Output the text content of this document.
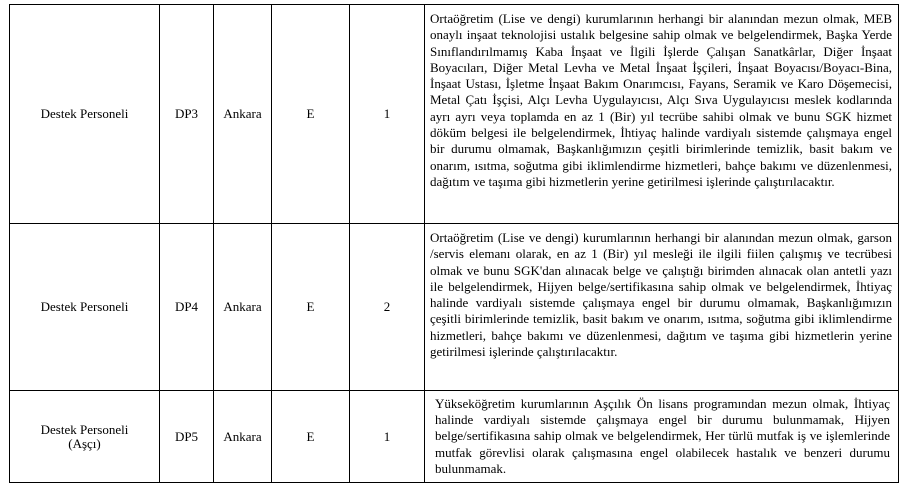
Destek Personeli	DP3	Ankara	E	1	Ortaöğretim (Lise ve dengi) kurumlarının herhangi bir alanından mezun olmak, MEB onaylı inşaat teknolojisi ustalık belgesine sahip olmak ve belgelendirmek, Başka Yerde Sınıflandırılmamış Kaba İnşaat ve İlgili İşlerde Çalışan Sanatkârlar, Diğer İnşaat Boyacıları, Diğer Metal Levha ve Metal İnşaat İşçileri, İnşaat Boyacısı/Boyacı-Bina, İnşaat Ustası, İşletme İnşaat Bakım Onarımcısı, Fayans, Seramik ve Karo Döşemecisi, Metal Çatı İşçisi, Alçı Levha Uygulayıcısı, Alçı Sıva Uygulayıcısı meslek kodlarında ayrı ayrı veya toplamda en az 1 (Bir) yıl tecrübe sahibi olmak ve bunu SGK hizmet döküm belgesi ile belgelendirmek, İhtiyaç halinde vardiyalı sistemde çalışmaya engel bir durumu olmamak, Başkanlığımızın çeşitli birimlerinde temizlik, basit bakım ve onarım, ısıtma, soğutma gibi iklimlendirme hizmetleri, bahçe bakımı ve düzenlenmesi, dağıtım ve taşıma gibi hizmetlerin yerine getirilmesi işlerinde çalıştırılacaktır.
Destek Personeli	DP4	Ankara	E	2	Ortaöğretim (Lise ve dengi) kurumlarının herhangi bir alanından mezun olmak, garson /servis elemanı olarak, en az 1 (Bir) yıl mesleği ile ilgili fiilen çalışmış ve tecrübesi olmak ve bunu SGK'dan alınacak belge ve çalıştığı birimden alınacak olan antetli yazı ile belgelendirmek, Hijyen belge/sertifikasına sahip olmak ve belgelendirmek, İhtiyaç halinde vardiyalı sistemde çalışmaya engel bir durumu olmamak, Başkanlığımızın çeşitli birimlerinde temizlik, basit bakım ve onarım, ısıtma, soğutma gibi iklimlendirme hizmetleri, bahçe bakımı ve düzenlenmesi, dağıtım ve taşıma gibi hizmetlerin yerine getirilmesi işlerinde çalıştırılacaktır.

Destek Personeli
(Aşçı)	DP5	Ankara	E	1	Yükseköğretim kurumlarının Aşçılık Ön lisans programından mezun olmak, İhtiyaç halinde vardiyalı sistemde çalışmaya engel bir durumu bulunmamak, Hijyen belge/sertifikasına sahip olmak ve belgelendirmek, Her türlü mutfak iş ve işlemlerinde mutfak görevlisi olarak çalışmasına engel olabilecek hastalık ve benzeri durumu bulunmamak.
